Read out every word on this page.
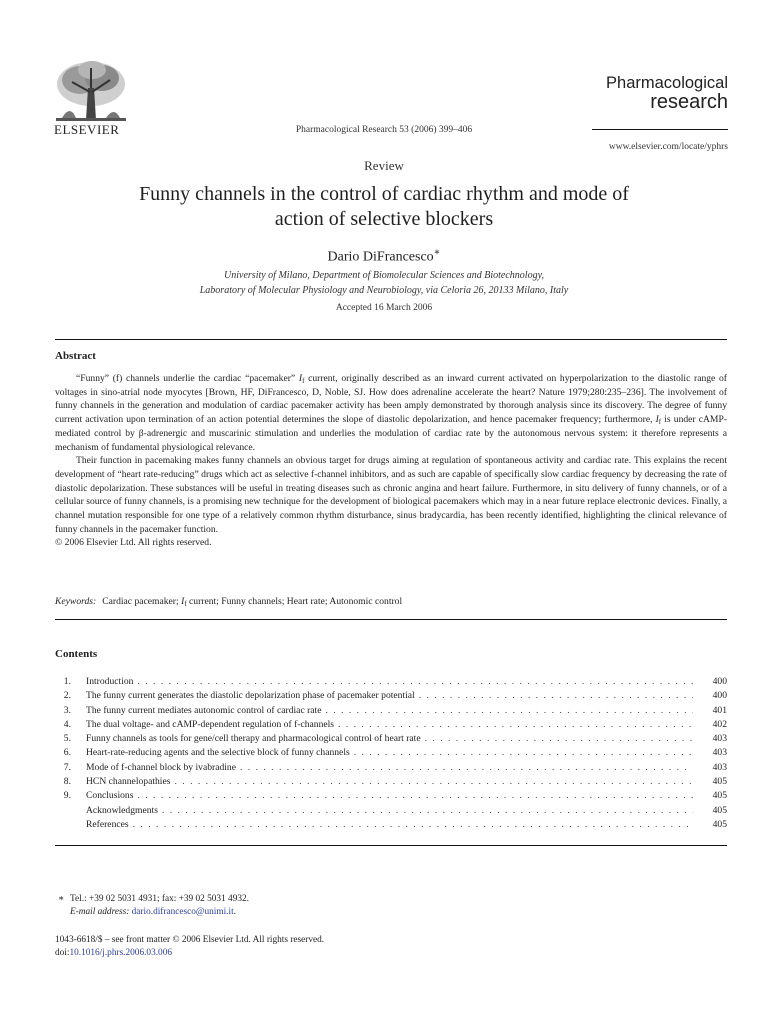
ELSEVIER	Pharmacological Research 53 (2006) 399–406
Pharmacological
research
www.elsevier.com/locate/yphrs
Review
Funny channels in the control of cardiac rhythm and mode of action of selective blockers
Dario DiFrancesco∗
University of Milano, Department of Biomolecular Sciences and Biotechnology,
Laboratory of Molecular Physiology and Neurobiology, via Celoria 26, 20133 Milano, Italy
Accepted 16 March 2006
Abstract

“Funny” (f) channels underlie the cardiac “pacemaker” $I_f$ current, originally described as an inward current activated on hyperpolarization to the diastolic range of voltages in sino-atrial node myocytes [Brown, HF, DiFrancesco, D, Noble, SJ. How does adrenaline accelerate the heart? Nature 1979;280:235–236]. The involvement of funny channels in the generation and modulation of cardiac pacemaker activity has been amply demonstrated by thorough analysis since its discovery. The degree of funny current activation upon termination of an action potential determines the slope of diastolic depolarization, and hence pacemaker frequency; furthermore, $I_f$ is under cAMP-mediated control by β-adrenergic and muscarinic stimulation and underlies the modulation of cardiac rate by the autonomous nervous system: it therefore represents a mechanism of fundamental physiological relevance.

Their function in pacemaking makes funny channels an obvious target for drugs aiming at regulation of spontaneous activity and cardiac rate. This explains the recent development of “heart rate-reducing” drugs which act as selective f-channel inhibitors, and as such are capable of specifically slow cardiac frequency by decreasing the rate of diastolic depolarization. These substances will be useful in treating diseases such as chronic angina and heart failure. Furthermore, in situ delivery of funny channels, or of a cellular source of funny channels, is a promising new technique for the development of biological pacemakers which may in a near future replace electronic devices. Finally, a channel mutation responsible for one type of a relatively common rhythm disturbance, sinus bradycardia, has been recently identified, highlighting the clinical relevance of funny channels in the pacemaker function.

© 2006 Elsevier Ltd. All rights reserved.

Keywords: Cardiac pacemaker; $I_f$ current; Funny channels; Heart rate; Autonomic control
Contents
1.	Introduction . . .	400
2.	The funny current generates the diastolic depolarization phase of pacemaker potential . . .	400
3.	The funny current mediates autonomic control of cardiac rate . . .	401
4.	The dual voltage- and cAMP-dependent regulation of f-channels . . .	402
5.	Funny channels as tools for gene/cell therapy and pharmacological control of heart rate . . .	403
6.	Heart-rate-reducing agents and the selective block of funny channels . . .	403
7.	Mode of f-channel block by ivabradine . . .	403
8.	HCN channelopathies . . .	405
9.	Conclusions . . .	405
Acknowledgments . . .	405
References . . .	405
∗ Tel.: +39 02 5031 4931; fax: +39 02 5031 4932.
E-mail address: dario.difrancesco@unimi.it.
1043-6618/$ – see front matter © 2006 Elsevier Ltd. All rights reserved.
doi:10.1016/j.phrs.2006.03.006
